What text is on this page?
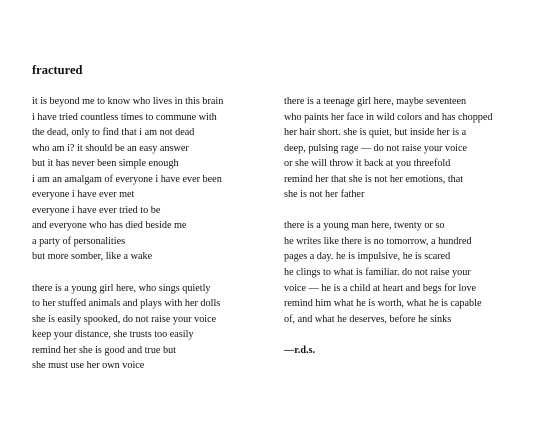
fractured
it is beyond me to know who lives in this brain
i have tried countless times to commune with
the dead, only to find that i am not dead
who am i? it should be an easy answer
but it has never been simple enough
i am an amalgam of everyone i have ever been
everyone i have ever met
everyone i have ever tried to be
and everyone who has died beside me
a party of personalities
but more somber, like a wake
there is a young girl here, who sings quietly
to her stuffed animals and plays with her dolls
she is easily spooked, do not raise your voice
keep your distance, she trusts too easily
remind her she is good and true but
she must use her own voice
there is a teenage girl here, maybe seventeen
who paints her face in wild colors and has chopped
her hair short. she is quiet, but inside her is a
deep, pulsing rage — do not raise your voice
or she will throw it back at you threefold
remind her that she is not her emotions, that
she is not her father
there is a young man here, twenty or so
he writes like there is no tomorrow, a hundred
pages a day. he is impulsive, he is scared
he clings to what is familiar. do not raise your
voice — he is a child at heart and begs for love
remind him what he is worth, what he is capable
of, and what he deserves, before he sinks
—r.d.s.
